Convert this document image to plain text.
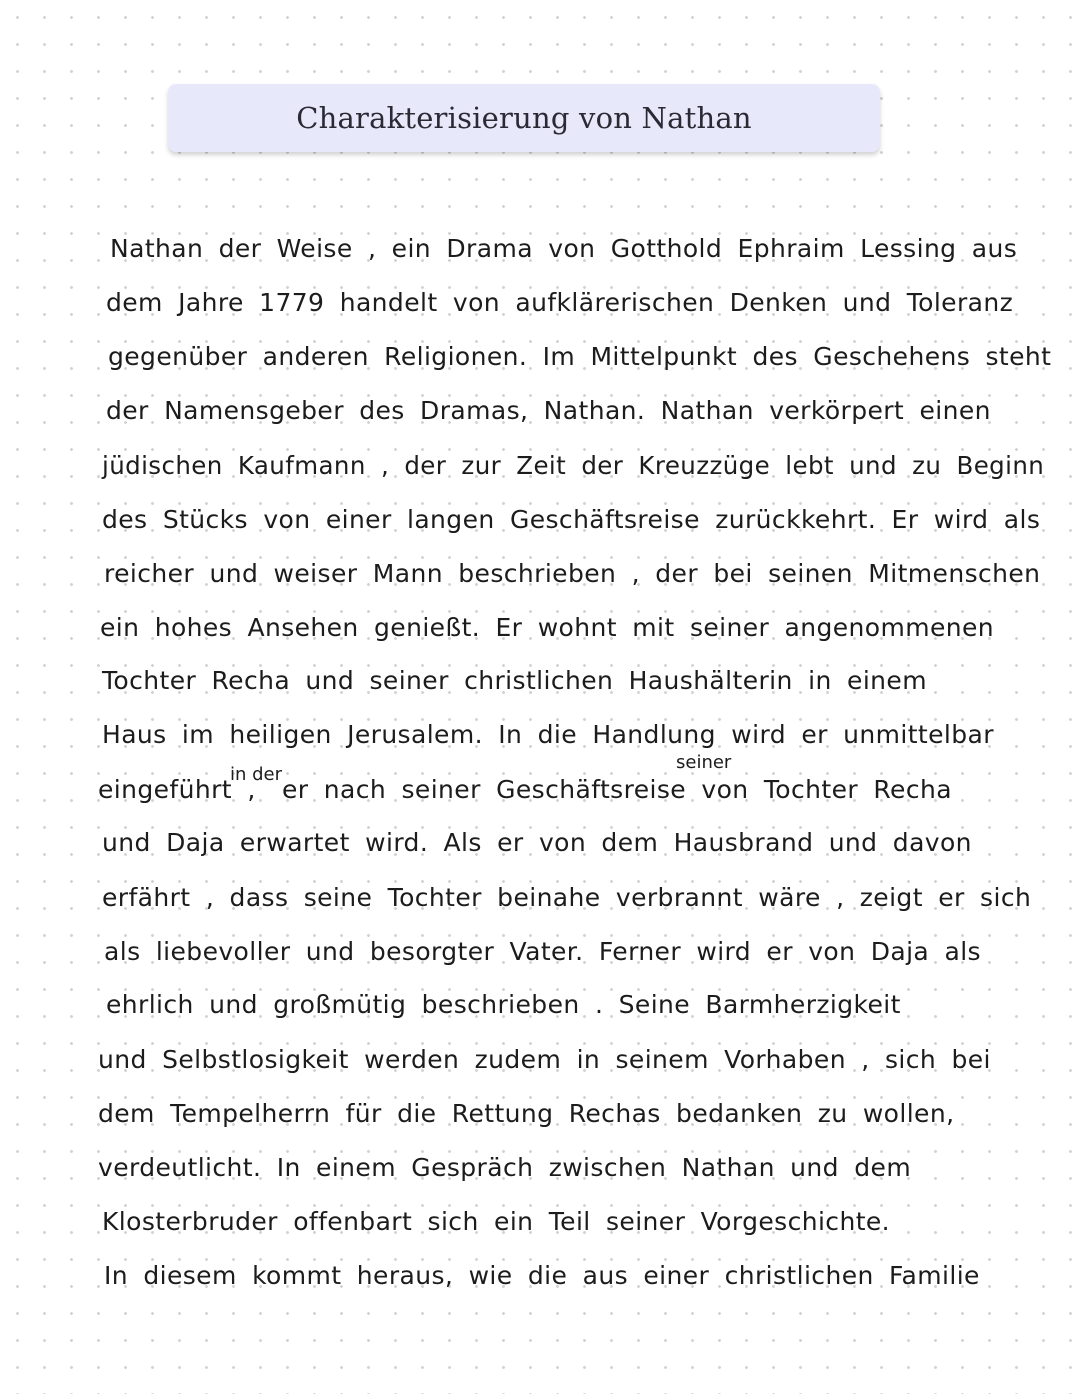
Charakterisierung von Nathan
Nathan der Weise , ein Drama von Gotthold Ephraim Lessing aus
dem Jahre 1779 handelt von aufklärerischen Denken und Toleranz
gegenüber anderen Religionen. Im Mittelpunkt des Geschehens steht
der Namensgeber des Dramas, Nathan. Nathan verkörpert einen
jüdischen Kaufmann , der zur Zeit der Kreuzzüge lebt und zu Beginn
des Stücks von einer langen Geschäftsreise zurückkehrt. Er wird als
reicher und weiser Mann beschrieben , der bei seinen Mitmenschen
ein hohes Ansehen genießt. Er wohnt mit seiner angenommenen
Tochter Recha und seiner christlichen Haushälterin in einem
Haus im heiligen Jerusalem. In die Handlung wird er unmittelbar
eingeführt ,
in der
er nach seiner Geschäftsreise von Tochter Recha
seiner
und Daja erwartet wird. Als er von dem Hausbrand und davon
erfährt , dass seine Tochter beinahe verbrannt wäre , zeigt er sich
als liebevoller und besorgter Vater. Ferner wird er von Daja als
ehrlich und großmütig beschrieben . Seine Barmherzigkeit
und Selbstlosigkeit werden zudem in seinem Vorhaben , sich bei
dem Tempelherrn für die Rettung Rechas bedanken zu wollen,
verdeutlicht. In einem Gespräch zwischen Nathan und dem
Klosterbruder offenbart sich ein Teil seiner Vorgeschichte.
In diesem kommt heraus, wie die aus einer christlichen Familie
